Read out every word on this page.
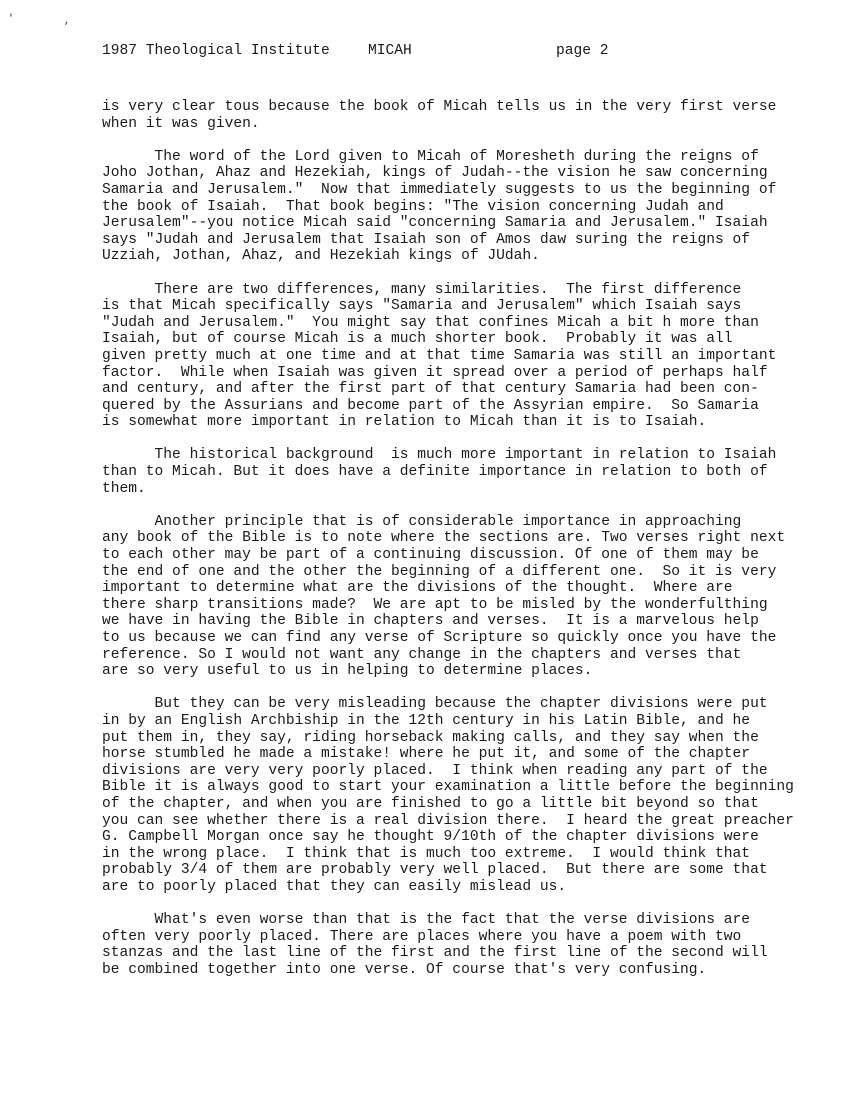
'	,
1987 Theological Institute	MICAH	page 2
is very clear tous because the book of Micah tells us in the very first verse
when it was given.
The word of the Lord given to Micah of Moresheth during the reigns of
Joho Jothan, Ahaz and Hezekiah, kings of Judah--the vision he saw concerning
Samaria and Jerusalem."  Now that immediately suggests to us the beginning of
the book of Isaiah.  That book begins: "The vision concerning Judah and
Jerusalem"--you notice Micah said "concerning Samaria and Jerusalem." Isaiah
says "Judah and Jerusalem that Isaiah son of Amos daw suring the reigns of
Uzziah, Jothan, Ahaz, and Hezekiah kings of JUdah.
There are two differences, many similarities.  The first difference
is that Micah specifically says "Samaria and Jerusalem" which Isaiah says
"Judah and Jerusalem."  You might say that confines Micah a bit h more than
Isaiah, but of course Micah is a much shorter book.  Probably it was all
given pretty much at one time and at that time Samaria was still an important
factor.  While when Isaiah was given it spread over a period of perhaps half
and century, and after the first part of that century Samaria had been con-
quered by the Assurians and become part of the Assyrian empire.  So Samaria
is somewhat more important in relation to Micah than it is to Isaiah.
The historical background  is much more important in relation to Isaiah
than to Micah. But it does have a definite importance in relation to both of
them.
Another principle that is of considerable importance in approaching
any book of the Bible is to note where the sections are. Two verses right next
to each other may be part of a continuing discussion. Of one of them may be
the end of one and the other the beginning of a different one.  So it is very
important to determine what are the divisions of the thought.  Where are
there sharp transitions made?  We are apt to be misled by the wonderfulthing
we have in having the Bible in chapters and verses.  It is a marvelous help
to us because we can find any verse of Scripture so quickly once you have the
reference. So I would not want any change in the chapters and verses that
are so very useful to us in helping to determine places.
But they can be very misleading because the chapter divisions were put
in by an English Archbiship in the 12th century in his Latin Bible, and he
put them in, they say, riding horseback making calls, and they say when the
horse stumbled he made a mistake! where he put it, and some of the chapter
divisions are very very poorly placed.  I think when reading any part of the
Bible it is always good to start your examination a little before the beginning
of the chapter, and when you are finished to go a little bit beyond so that
you can see whether there is a real division there.  I heard the great preacher
G. Campbell Morgan once say he thought 9/10th of the chapter divisions were
in the wrong place.  I think that is much too extreme.  I would think that
probably 3/4 of them are probably very well placed.  But there are some that
are to poorly placed that they can easily mislead us.
What's even worse than that is the fact that the verse divisions are
often very poorly placed. There are places where you have a poem with two
stanzas and the last line of the first and the first line of the second will
be combined together into one verse. Of course that's very confusing.
